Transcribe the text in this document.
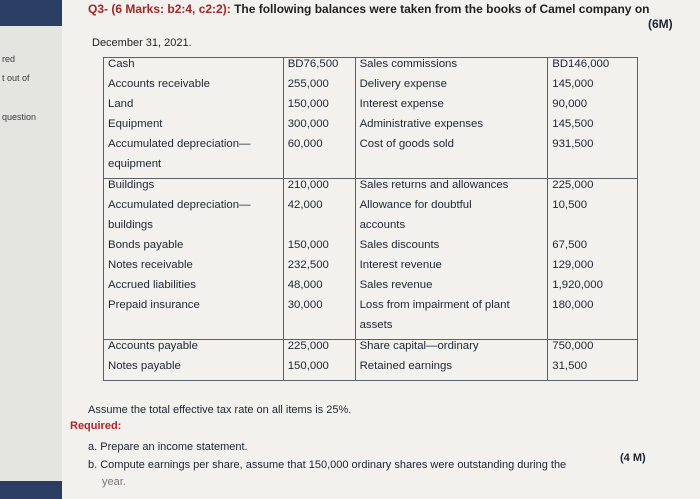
red
t out of
question
Q3- (6 Marks: b2:4, c2:2): The following balances were taken from the books of Camel company on
December 31, 2021.
(6M)
Cash	BD76,500	Sales commissions	BD146,000
Accounts receivable	255,000	Delivery expense	145,000
Land	150,000	Interest expense	90,000
Equipment	300,000	Administrative expenses	145,500
Accumulated depreciation—	60,000	Cost of goods sold	931,500
equipment			
Buildings	210,000	Sales returns and allowances	225,000
Accumulated depreciation—	42,000	Allowance for doubtful	10,500
buildings		accounts	
Bonds payable	150,000	Sales discounts	67,500
Notes receivable	232,500	Interest revenue	129,000
Accrued liabilities	48,000	Sales revenue	1,920,000
Prepaid insurance	30,000	Loss from impairment of plant	180,000
		assets	
Accounts payable	225,000	Share capital—ordinary	750,000
Notes payable	150,000	Retained earnings	31,500
Assume the total effective tax rate on all items is 25%.
Required:
a. Prepare an income statement.
(4 M)
b. Compute earnings per share, assume that 150,000 ordinary shares were outstanding during the
year.
